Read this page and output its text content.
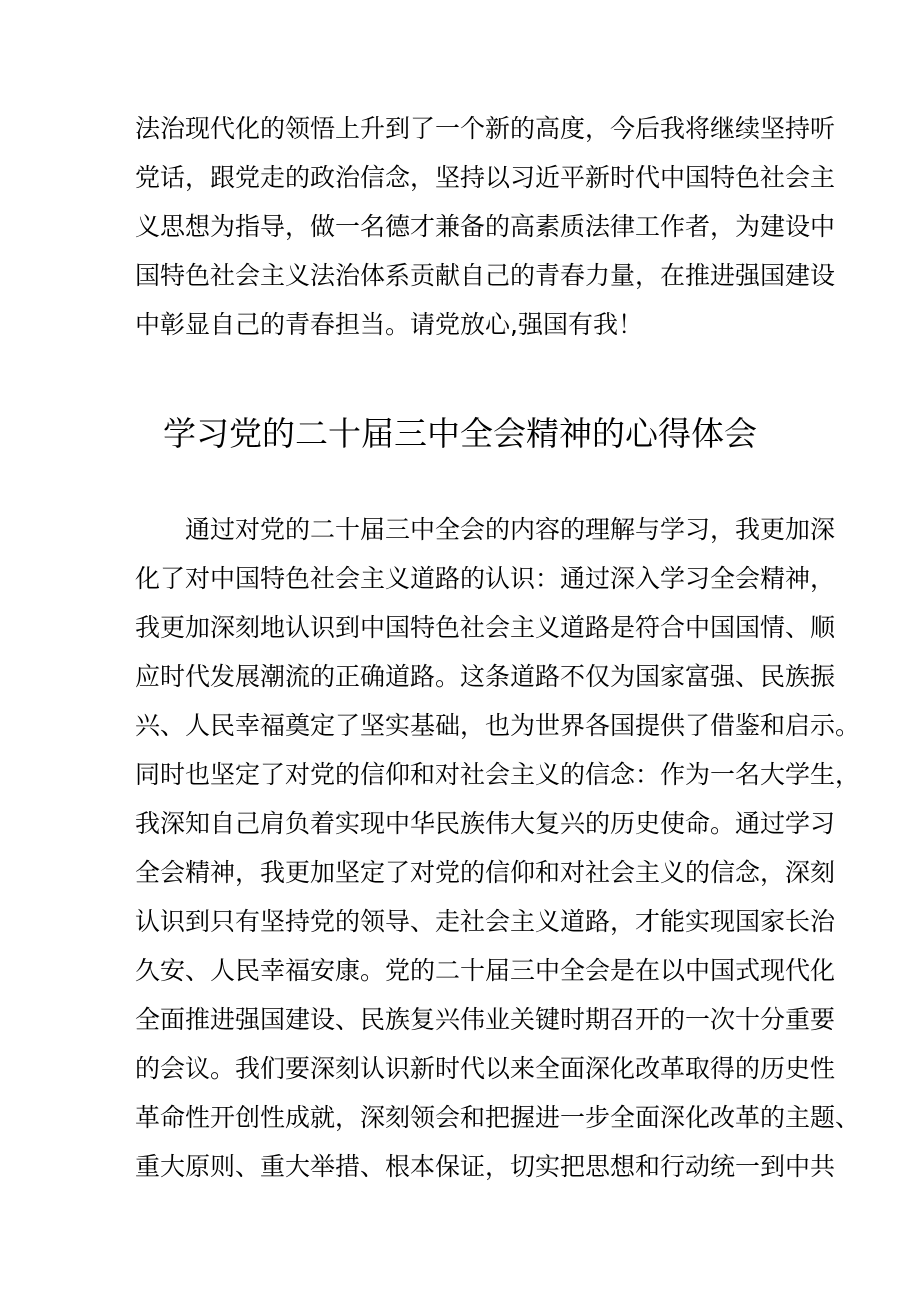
法治现代化的领悟上升到了一个新的高度，今后我将继续坚持听
党话，跟党走的政治信念，坚持以习近平新时代中国特色社会主
义思想为指导，做一名德才兼备的高素质法律工作者，为建设中
国特色社会主义法治体系贡献自己的青春力量，在推进强国建设
中彰显自己的青春担当。请党放心,强国有我！
学习党的二十届三中全会精神的心得体会
　　通过对党的二十届三中全会的内容的理解与学习，我更加深
化了对中国特色社会主义道路的认识：通过深入学习全会精神，
我更加深刻地认识到中国特色社会主义道路是符合中国国情、顺
应时代发展潮流的正确道路。这条道路不仅为国家富强、民族振
兴、人民幸福奠定了坚实基础，也为世界各国提供了借鉴和启示。
同时也坚定了对党的信仰和对社会主义的信念：作为一名大学生，
我深知自己肩负着实现中华民族伟大复兴的历史使命。通过学习
全会精神，我更加坚定了对党的信仰和对社会主义的信念，深刻
认识到只有坚持党的领导、走社会主义道路，才能实现国家长治
久安、人民幸福安康。党的二十届三中全会是在以中国式现代化
全面推进强国建设、民族复兴伟业关键时期召开的一次十分重要
的会议。我们要深刻认识新时代以来全面深化改革取得的历史性
革命性开创性成就，深刻领会和把握进一步全面深化改革的主题、
重大原则、重大举措、根本保证，切实把思想和行动统一到中共
